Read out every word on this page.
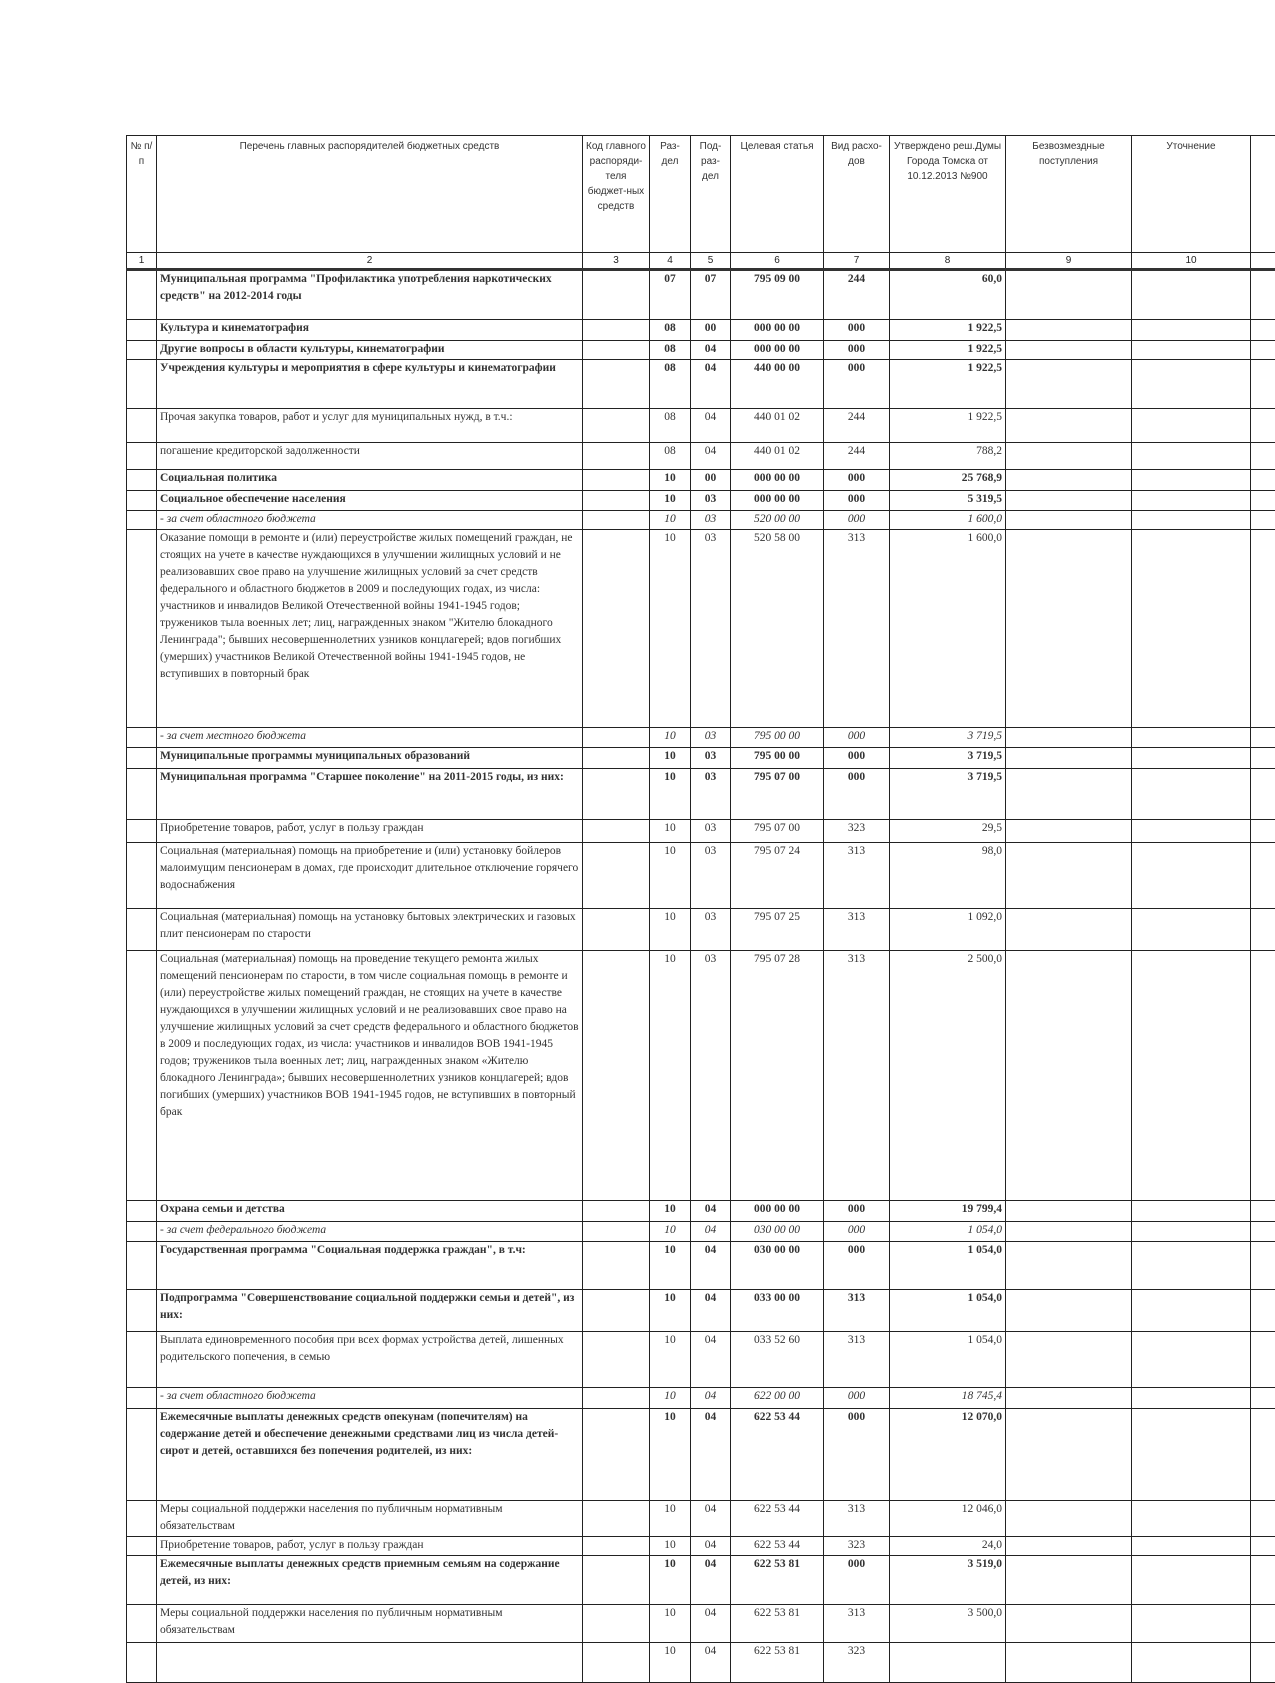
№ п/п	Перечень главных распорядителей бюджетных средств	Код главного распоряди-теля бюджет-ных средств	Раз-дел	Под-раз-дел	Целевая статья	Вид расхо-дов	Утверждено реш.Думы Города Томска от 10.12.2013 №900	Безвозмездные поступления	Уточнение	
1	2	3	4	5	6	7	8	9	10	
	Муниципальная программа "Профилактика употребления наркотических средств" на 2012-2014 годы		07	07	795 09 00	244	60,0			
	Культура и кинематография		08	00	000 00 00	000	1 922,5			
	Другие вопросы в области культуры, кинематографии		08	04	000 00 00	000	1 922,5			
	Учреждения культуры и мероприятия в сфере культуры и кинематографии		08	04	440 00 00	000	1 922,5			
	Прочая закупка товаров, работ и услуг для муниципальных нужд, в т.ч.:		08	04	440 01 02	244	1 922,5			
	погашение кредиторской задолженности		08	04	440 01 02	244	788,2			
	Социальная политика		10	00	000 00 00	000	25 768,9			
	Социальное обеспечение населения		10	03	000 00 00	000	5 319,5			
	- за счет областного бюджета		10	03	520 00 00	000	1 600,0			
	Оказание помощи в ремонте и (или) переустройстве жилых помещений граждан, не стоящих на учете в качестве нуждающихся в улучшении жилищных условий и не реализовавших свое право на улучшение жилищных условий за счет средств федерального и областного бюджетов в 2009 и последующих годах, из числа: участников и инвалидов Великой Отечественной войны 1941-1945 годов; тружеников тыла военных лет; лиц, награжденных знаком "Жителю блокадного Ленинграда"; бывших несовершеннолетних узников концлагерей; вдов погибших (умерших) участников Великой Отечественной войны 1941-1945 годов, не вступивших в повторный брак		10	03	520 58 00	313	1 600,0			
	- за счет местного бюджета		10	03	795 00 00	000	3 719,5			
	Муниципальные программы муниципальных образований		10	03	795 00 00	000	3 719,5			
	Муниципальная программа "Старшее поколение" на 2011-2015 годы, из них:		10	03	795 07 00	000	3 719,5			
	Приобретение товаров, работ, услуг в пользу граждан		10	03	795 07 00	323	29,5			
	Социальная (материальная) помощь на приобретение и (или) установку бойлеров малоимущим пенсионерам в домах, где происходит длительное отключение горячего водоснабжения		10	03	795 07 24	313	98,0			
	Социальная (материальная) помощь на установку бытовых электрических и газовых плит пенсионерам по старости		10	03	795 07 25	313	1 092,0			
	Социальная (материальная) помощь на проведение текущего ремонта жилых помещений пенсионерам по старости, в том числе социальная помощь в ремонте и (или) переустройстве жилых помещений граждан, не стоящих на учете в качестве нуждающихся в улучшении жилищных условий и не реализовавших свое право на улучшение жилищных условий за счет средств федерального и областного бюджетов в 2009 и последующих годах, из числа: участников и инвалидов ВОВ 1941-1945 годов; тружеников тыла военных лет; лиц, награжденных знаком «Жителю блокадного Ленинграда»; бывших несовершеннолетних узников концлагерей; вдов погибших (умерших) участников ВОВ 1941-1945 годов, не вступивших в повторный брак		10	03	795 07 28	313	2 500,0			
	Охрана семьи и детства		10	04	000 00 00	000	19 799,4			
	- за счет федерального бюджета		10	04	030 00 00	000	1 054,0			
	Государственная программа "Социальная поддержка граждан", в т.ч:		10	04	030 00 00	000	1 054,0			
	Подпрограмма "Совершенствование социальной поддержки семьи и детей", из них:		10	04	033 00 00	313	1 054,0			
	Выплата единовременного пособия при всех формах устройства детей, лишенных родительского попечения, в семью		10	04	033 52 60	313	1 054,0			
	- за счет областного бюджета		10	04	622 00 00	000	18 745,4			
	Ежемесячные выплаты денежных средств опекунам (попечителям) на содержание детей и обеспечение денежными средствами лиц из числа детей-сирот и детей, оставшихся без попечения родителей, из них:		10	04	622 53 44	000	12 070,0			
	Меры социальной поддержки населения по публичным нормативным обязательствам		10	04	622 53 44	313	12 046,0			
	Приобретение товаров, работ, услуг в пользу граждан		10	04	622 53 44	323	24,0			
	Ежемесячные выплаты денежных средств приемным семьям на содержание детей, из них:		10	04	622 53 81	000	3 519,0			
	Меры социальной поддержки населения по публичным нормативным обязательствам		10	04	622 53 81	313	3 500,0			
			10	04	622 53 81	323				
